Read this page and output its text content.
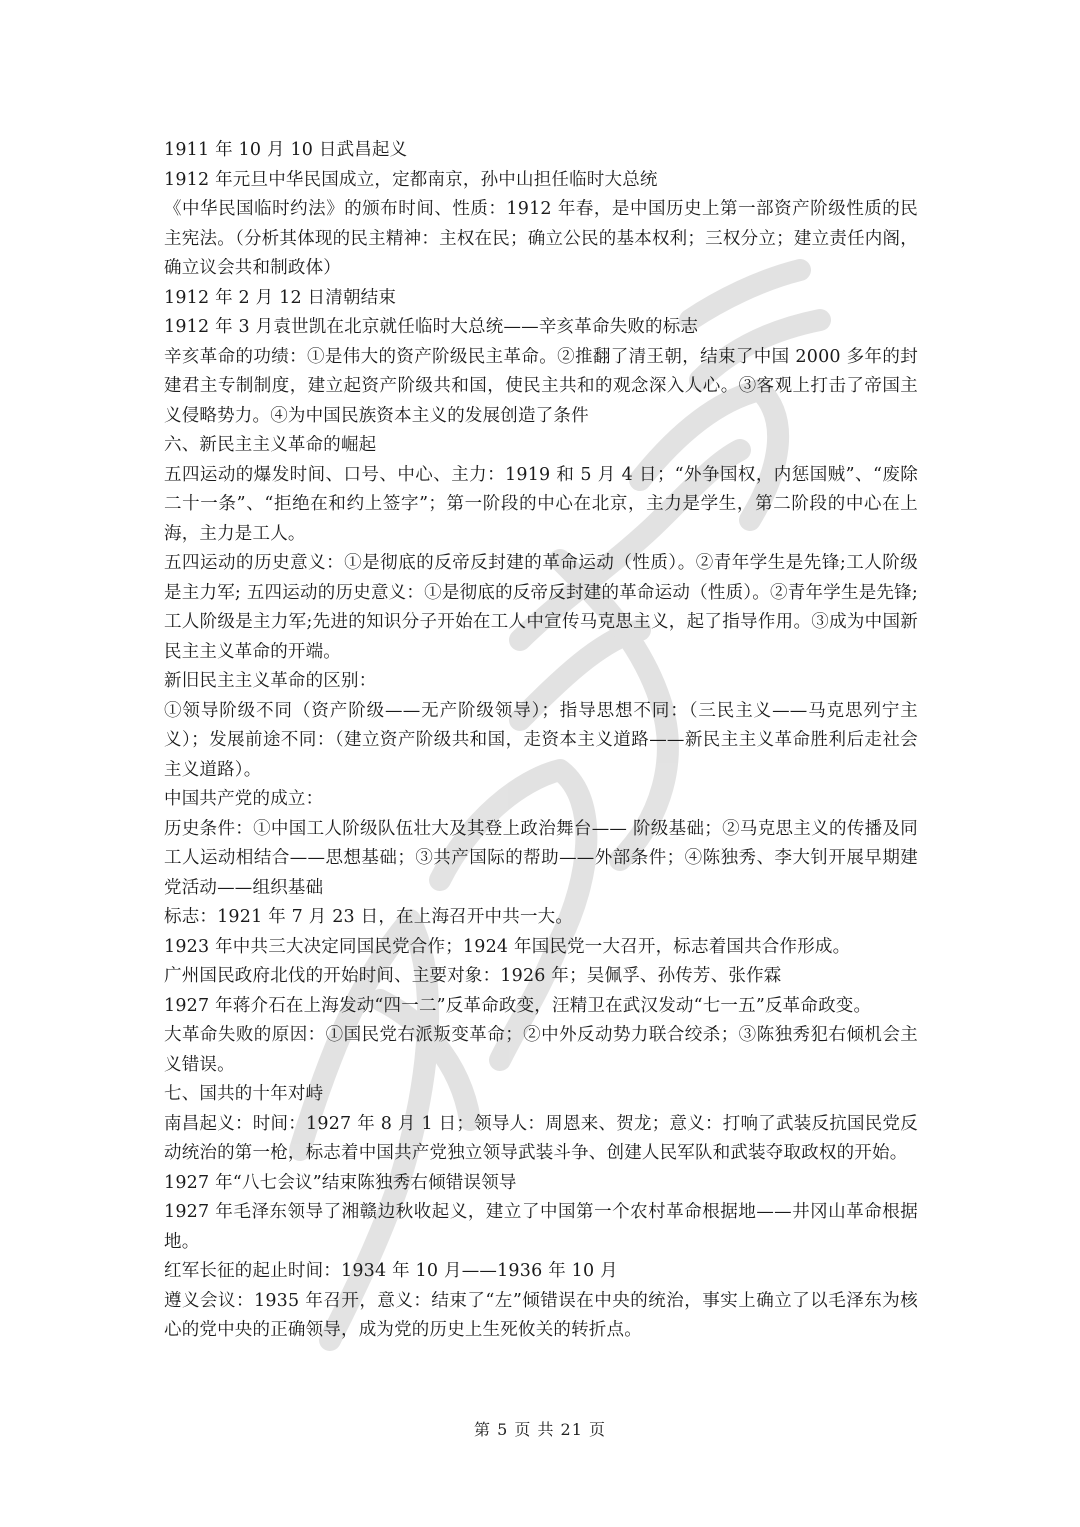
1911 年 10 月 10 日武昌起义

1912 年元旦中华民国成立，定都南京，孙中山担任临时大总统

《中华民国临时约法》的颁布时间、性质：1912 年春，是中国历史上第一部资产阶级性质的民主宪法。（分析其体现的民主精神：主权在民；确立公民的基本权利；三权分立；建立责任内阁，确立议会共和制政体）

1912 年 2 月 12 日清朝结束

1912 年 3 月袁世凯在北京就任临时大总统——辛亥革命失败的标志

辛亥革命的功绩：①是伟大的资产阶级民主革命。②推翻了清王朝，结束了中国 2000 多年的封建君主专制制度，建立起资产阶级共和国，使民主共和的观念深入人心。③客观上打击了帝国主义侵略势力。④为中国民族资本主义的发展创造了条件

六、新民主主义革命的崛起

五四运动的爆发时间、口号、中心、主力：1919 和 5 月 4 日；“外争国权，内惩国贼”、“废除二十一条”、“拒绝在和约上签字”；第一阶段的中心在北京，主力是学生，第二阶段的中心在上海，主力是工人。

五四运动的历史意义：①是彻底的反帝反封建的革命运动（性质）。②青年学生是先锋;工人阶级是主力军; 五四运动的历史意义：①是彻底的反帝反封建的革命运动（性质）。②青年学生是先锋;工人阶级是主力军;先进的知识分子开始在工人中宣传马克思主义，起了指导作用。③成为中国新民主主义革命的开端。

新旧民主主义革命的区别：

①领导阶级不同（资产阶级——无产阶级领导）；指导思想不同：（三民主义——马克思列宁主义）；发展前途不同：（建立资产阶级共和国，走资本主义道路——新民主主义革命胜利后走社会主义道路）。

中国共产党的成立：

历史条件：①中国工人阶级队伍壮大及其登上政治舞台—— 阶级基础；②马克思主义的传播及同工人运动相结合——思想基础；③共产国际的帮助——外部条件；④陈独秀、李大钊开展早期建党活动——组织基础

标志：1921 年 7 月 23 日，在上海召开中共一大。

1923 年中共三大决定同国民党合作；1924 年国民党一大召开，标志着国共合作形成。

广州国民政府北伐的开始时间、主要对象：1926 年；吴佩孚、孙传芳、张作霖

1927 年蒋介石在上海发动“四一二”反革命政变，汪精卫在武汉发动“七一五”反革命政变。

大革命失败的原因：①国民党右派叛变革命；②中外反动势力联合绞杀；③陈独秀犯右倾机会主义错误。

七、国共的十年对峙

南昌起义：时间：1927 年 8 月 1 日；领导人：周恩来、贺龙；意义：打响了武装反抗国民党反动统治的第一枪，标志着中国共产党独立领导武装斗争、创建人民军队和武装夺取政权的开始。

1927 年“八七会议”结束陈独秀右倾错误领导

1927 年毛泽东领导了湘赣边秋收起义，建立了中国第一个农村革命根据地——井冈山革命根据地。

红军长征的起止时间：1934 年 10 月——1936 年 10 月

遵义会议：1935 年召开，意义：结束了“左”倾错误在中央的统治，事实上确立了以毛泽东为核心的党中央的正确领导，成为党的历史上生死攸关的转折点。

第 5 页 共 21 页
